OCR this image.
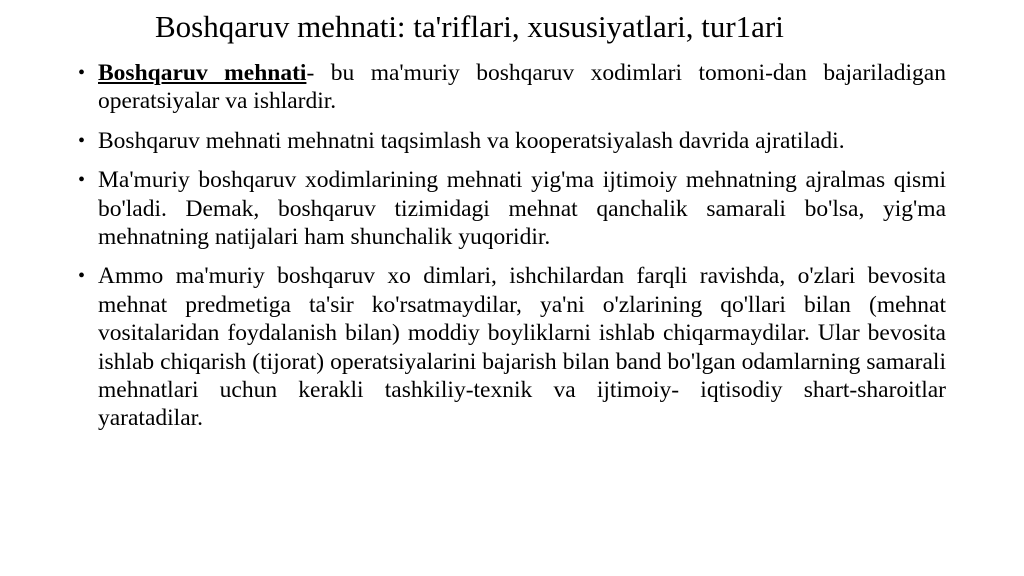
Boshqaruv mehnati: ta'riflari, xususiyatlari, tur1ari
• Boshqaruv mehnati- bu ma'muriy boshqaruv xodimlari tomoni-dan bajariladigan operatsiyalar va ishlardir.
• Boshqaruv mehnati mehnatni taqsimlash va kooperatsiyalash davrida ajratiladi.
• Ma'muriy boshqaruv xodimlarining mehnati yig'ma ijtimoiy mehnatning ajralmas qismi bo'ladi. Demak, boshqaruv tizimidagi mehnat qanchalik samarali bo'lsa, yig'ma mehnatning natijalari ham shunchalik yuqoridir.
• Ammo ma'muriy boshqaruv xo dimlari, ishchilardan farqli ravishda, o'zlari bevosita mehnat predmetiga ta'sir ko'rsatmaydilar, ya'ni o'zlarining qo'llari bilan (mehnat vositalaridan foydalanish bilan) moddiy boyliklarni ishlab chiqarmaydilar. Ular bevosita ishlab chiqarish (tijorat) operatsiyalarini bajarish bilan band bo'lgan odamlarning samarali mehnatlari uchun kerakli tashkiliy-texnik va ijtimoiy- iqtisodiy shart-sharoitlar yaratadilar.
